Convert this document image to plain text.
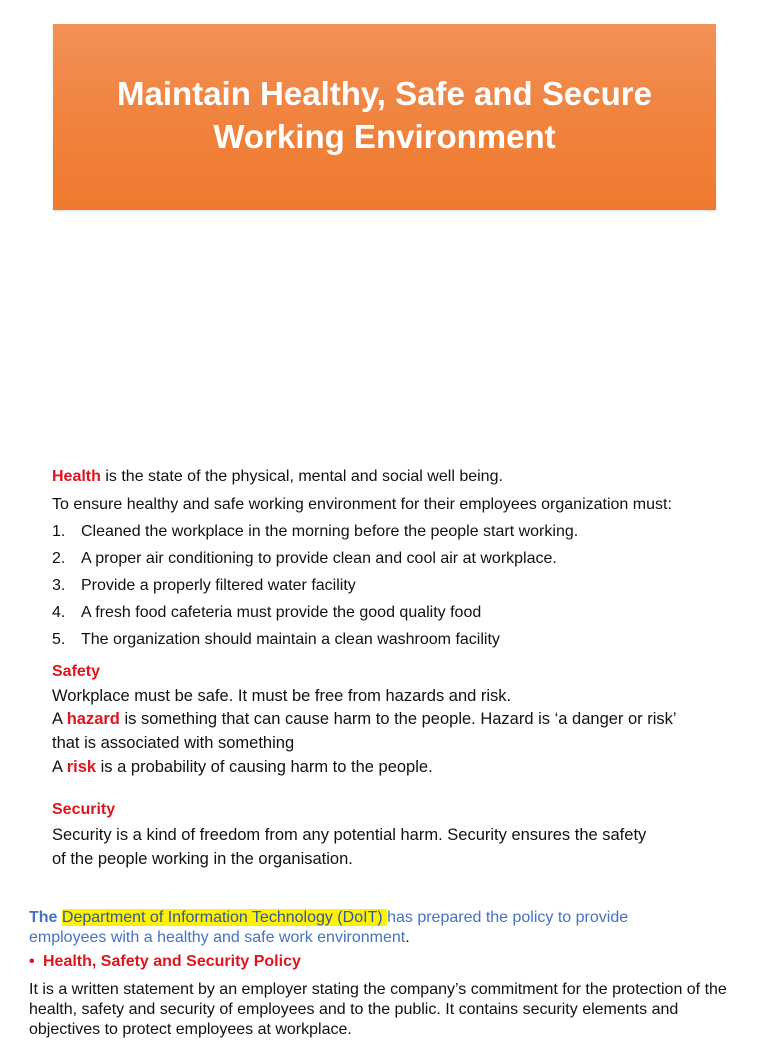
Maintain Healthy, Safe and Secure Working Environment
Health is the state of the physical, mental and social well being.
To ensure healthy and safe working environment for their employees organization must:
1. Cleaned the workplace in the morning before the people start working.
2. A proper air conditioning to provide clean and cool air at workplace.
3. Provide a properly filtered water facility
4. A fresh food cafeteria must provide the good quality food
5. The organization should maintain a clean washroom facility
Safety
Workplace must be safe. It must be free from hazards and risk.
A hazard is something that can cause harm to the people. Hazard is ‘a danger or risk’ that is associated with something
A risk is a probability of causing harm to the people.
Security
Security is a kind of freedom from any potential harm. Security ensures the safety of the people working in the organisation.
The Department of Information Technology (DoIT) has prepared the policy to provide employees with a healthy and safe work environment.
• Health, Safety and Security Policy
It is a written statement by an employer stating the company’s commitment for the protection of the health, safety and security of employees and to the public. It contains security elements and objectives to protect employees at workplace.
